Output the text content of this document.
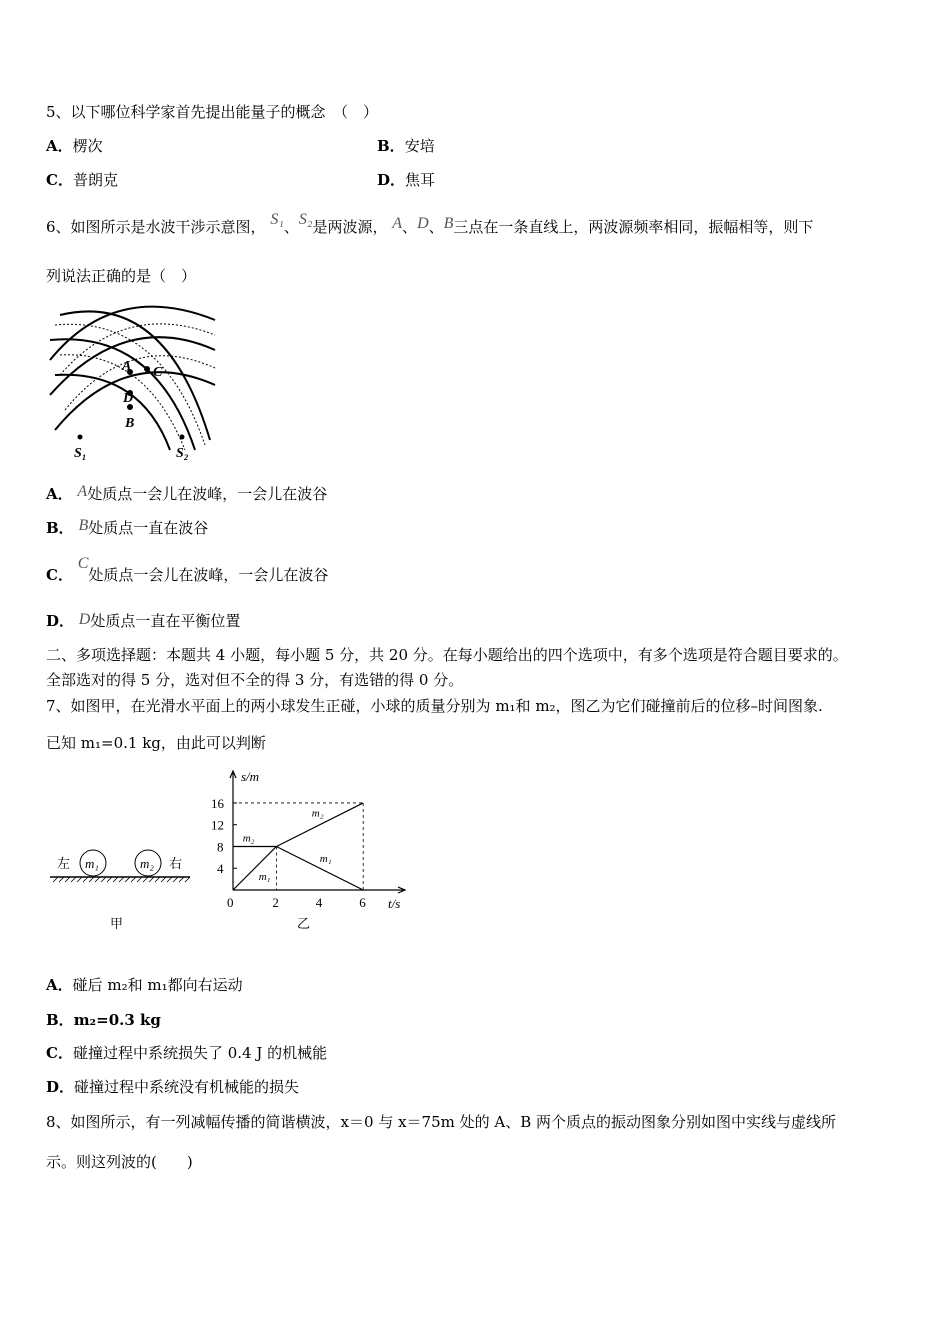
5、以下哪位科学家首先提出能量子的概念　（　）
A．楞次	B．安培
C．普朗克	D．焦耳
6、如图所示是水波干涉示意图， S₁、S₂是两波源， A、D、B三点在一条直线上，两波源频率相同，振幅相等，则下
列说法正确的是（　）
A C
D
B
S₁	S₂
A． A处质点一会儿在波峰，一会儿在波谷
B． B处质点一直在波谷
C． C处质点一会儿在波峰，一会儿在波谷
D． D处质点一直在平衡位置
二、多项选择题：本题共 4 小题，每小题 5 分，共 20 分。在每小题给出的四个选项中，有多个选项是符合题目要求的。
全部选对的得 5 分，选对但不全的得 3 分，有选错的得 0 分。
7、如图甲，在光滑水平面上的两小球发生正碰，小球的质量分别为 m₁和 m₂，图乙为它们碰撞前后的位移–时间图象.
已知 m₁=0.1 kg，由此可以判断
左 m₁	m₂ 右
甲
m₂
m₁
m₂
m₁
0	2	4	6
4
8
12
16
s/m
t/s
乙
A．碰后 m₂和 m₁都向右运动
B．m₂=0.3 kg
C．碰撞过程中系统损失了 0.4 J 的机械能
D．碰撞过程中系统没有机械能的损失
8、如图所示，有一列减幅传播的简谐横波，x＝0 与 x＝75m 处的 A、B 两个质点的振动图象分别如图中实线与虚线所
示。则这列波的(　　)
